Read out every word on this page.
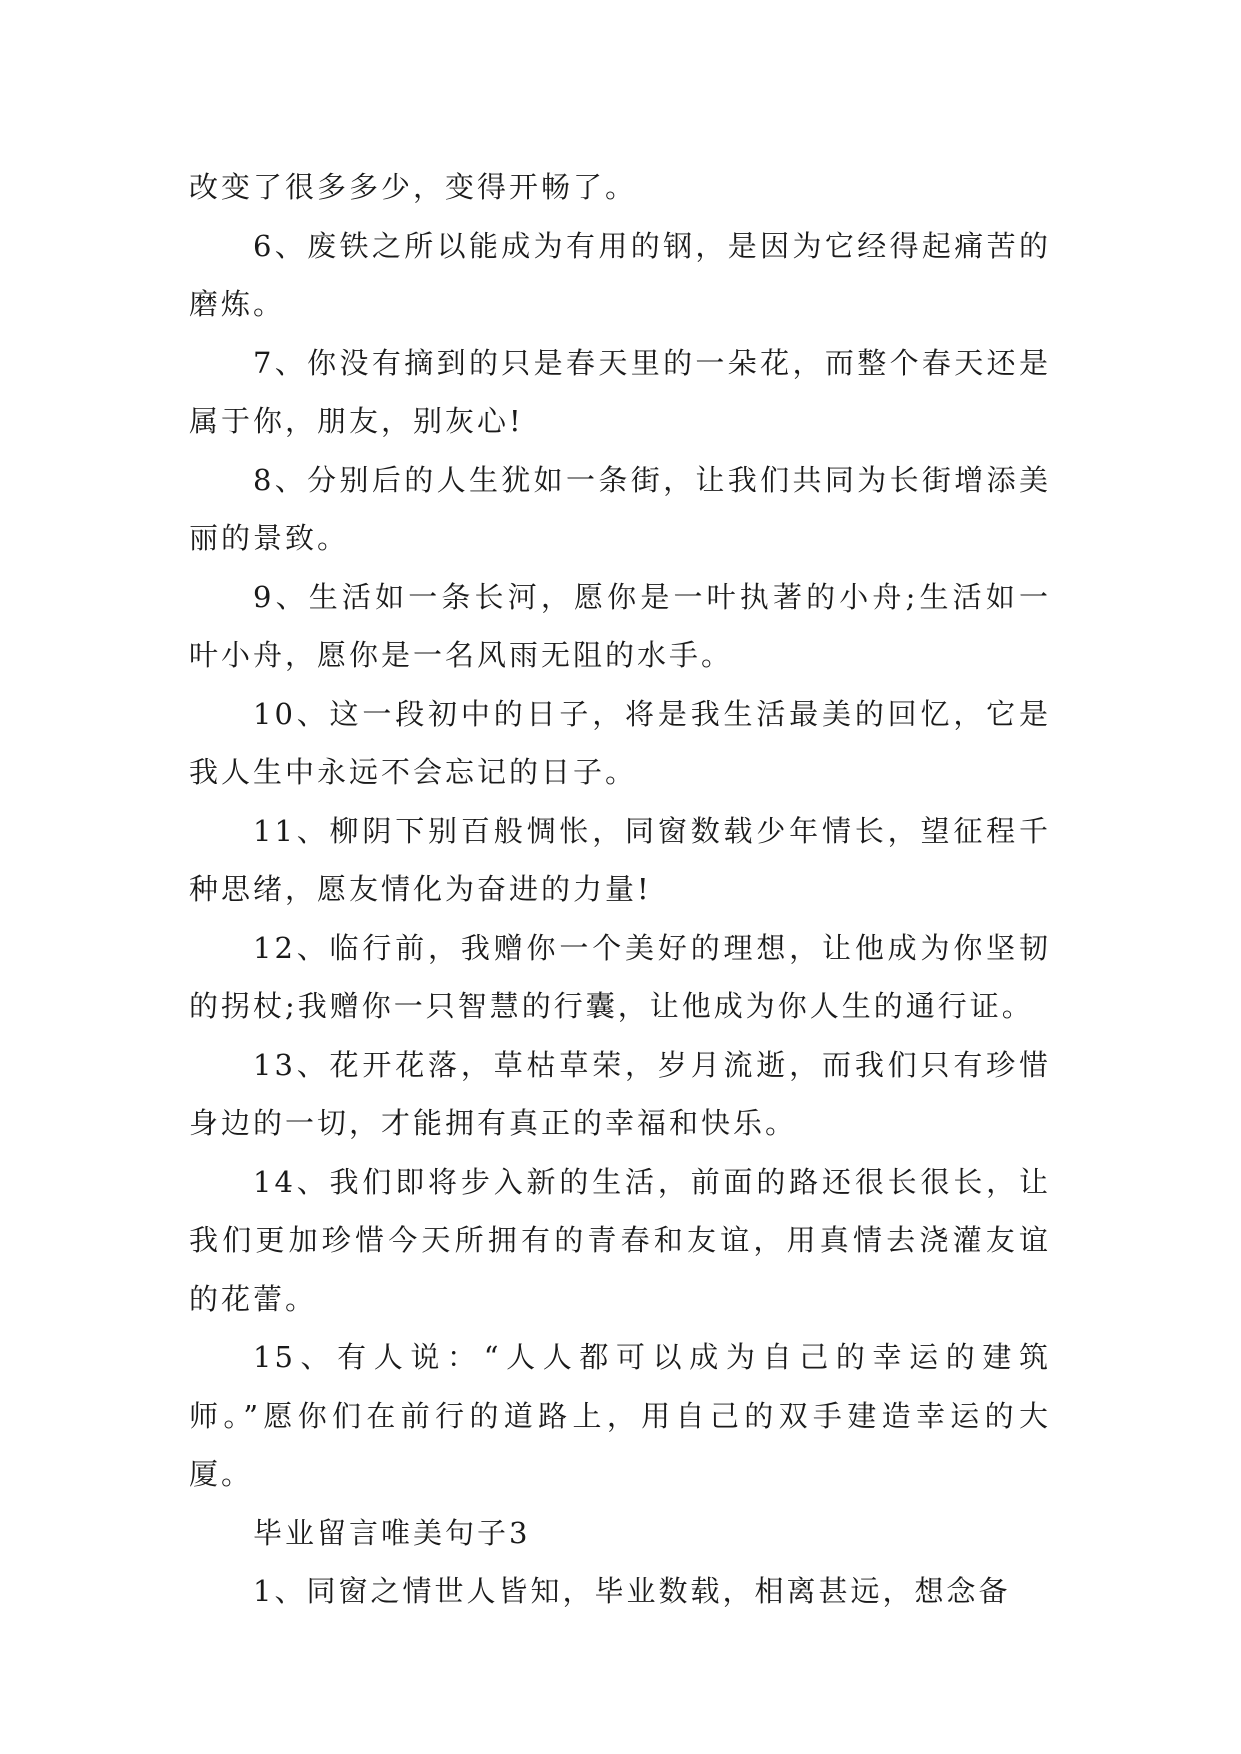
改变了很多多少，变得开畅了。

6、废铁之所以能成为有用的钢，是因为它经得起痛苦的磨炼。

7、你没有摘到的只是春天里的一朵花，而整个春天还是属于你，朋友，别灰心!

8、分别后的人生犹如一条街，让我们共同为长街增添美丽的景致。

9、生活如一条长河，愿你是一叶执著的小舟;生活如一叶小舟，愿你是一名风雨无阻的水手。

10、这一段初中的日子，将是我生活最美的回忆，它是我人生中永远不会忘记的日子。

11、柳阴下别百般惆怅，同窗数载少年情长，望征程千种思绪，愿友情化为奋进的力量!

12、临行前，我赠你一个美好的理想，让他成为你坚韧的拐杖;我赠你一只智慧的行囊，让他成为你人生的通行证。

13、花开花落，草枯草荣，岁月流逝，而我们只有珍惜身边的一切，才能拥有真正的幸福和快乐。

14、我们即将步入新的生活，前面的路还很长很长，让我们更加珍惜今天所拥有的青春和友谊，用真情去浇灌友谊的花蕾。

15、有人说：“人人都可以成为自己的幸运的建筑师。”愿你们在前行的道路上，用自己的双手建造幸运的大厦。

毕业留言唯美句子3

1、同窗之情世人皆知，毕业数载，相离甚远，想念备
